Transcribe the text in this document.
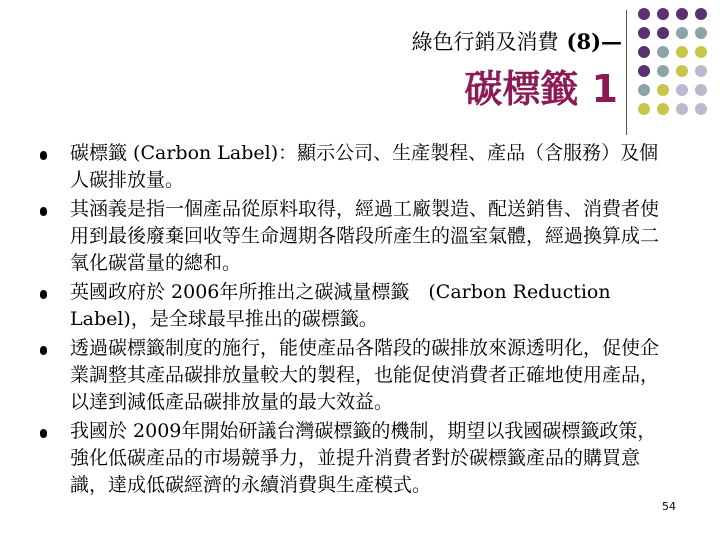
綠色行銷及消費 (8)—
碳標籤 1
碳標籤 (Carbon Label)：顯示公司、生產製程、產品（含服務）及個人碳排放量。
其涵義是指一個產品從原料取得，經過工廠製造、配送銷售、消費者使用到最後廢棄回收等生命週期各階段所產生的溫室氣體，經過換算成二氧化碳當量的總和。
英國政府於 2006年所推出之碳減量標籤　(Carbon Reduction Label)，是全球最早推出的碳標籤。
透過碳標籤制度的施行，能使產品各階段的碳排放來源透明化，促使企業調整其產品碳排放量較大的製程，也能促使消費者正確地使用產品，以達到減低產品碳排放量的最大效益。
我國於 2009年開始研議台灣碳標籤的機制，期望以我國碳標籤政策，強化低碳產品的市場競爭力，並提升消費者對於碳標籤產品的購買意識，達成低碳經濟的永續消費與生產模式。
54
